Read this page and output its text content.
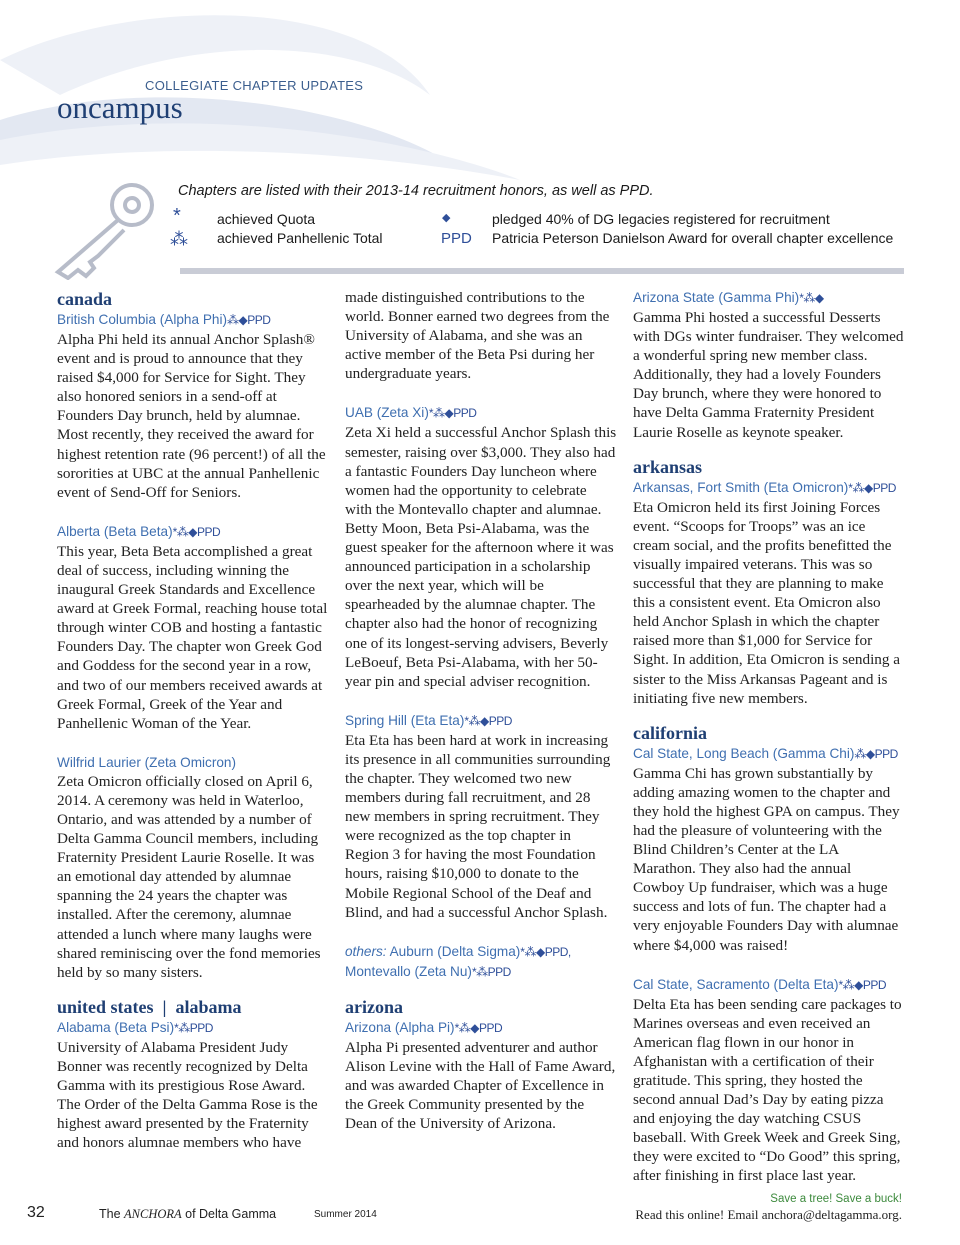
COLLEGIATE CHAPTER UPDATES
oncampus
Chapters are listed with their 2013-14 recruitment honors, as well as PPD.
*	achieved Quota
⁂ achieved Panhellenic Total
◆	pledged 40% of DG legacies registered for recruitment
PPD Patricia Peterson Danielson Award for overall chapter excellence

canada

British Columbia (Alpha Phi)⁂◆PPD

Alpha Phi held its annual Anchor Splash® event and is proud to announce that they raised $4,000 for Service for Sight. They also honored seniors in a send-off at Founders Day brunch, held by alumnae. Most recently, they received the award for highest retention rate (96 percent!) of all the sororities at UBC at the annual Panhellenic event of Send-Off for Seniors.

Alberta (Beta Beta)*⁂◆PPD

This year, Beta Beta accomplished a great deal of success, including winning the inaugural Greek Standards and Excellence award at Greek Formal, reaching house total through winter COB and hosting a fantastic Founders Day. The chapter won Greek God and Goddess for the second year in a row, and two of our members received awards at Greek Formal, Greek of the Year and Panhellenic Woman of the Year.

Wilfrid Laurier (Zeta Omicron)

Zeta Omicron officially closed on April 6, 2014. A ceremony was held in Waterloo, Ontario, and was attended by a number of Delta Gamma Council members, including Fraternity President Laurie Roselle. It was an emotional day attended by alumnae spanning the 24 years the chapter was installed. After the ceremony, alumnae attended a lunch where many laughs were shared reminiscing over the fond memories held by so many sisters.

united states  |  alabama

Alabama (Beta Psi)*⁂PPD

University of Alabama President Judy Bonner was recently recognized by Delta Gamma with its prestigious Rose Award. The Order of the Delta Gamma Rose is the highest award presented by the Fraternity and honors alumnae members who have

made distinguished contributions to the world. Bonner earned two degrees from the University of Alabama, and she was an active member of the Beta Psi during her undergraduate years.

UAB (Zeta Xi)*⁂◆PPD

Zeta Xi held a successful Anchor Splash this semester, raising over $3,000. They also had a fantastic Founders Day luncheon where women had the opportunity to celebrate with the Montevallo chapter and alumnae. Betty Moon, Beta Psi-Alabama, was the guest speaker for the afternoon where it was announced participation in a scholarship over the next year, which will be spearheaded by the alumnae chapter. The chapter also had the honor of recognizing one of its longest-serving advisers, Beverly LeBoeuf, Beta Psi-Alabama, with her 50-year pin and special adviser recognition.

Spring Hill (Eta Eta)*⁂◆PPD

Eta Eta has been hard at work in increasing its presence in all communities surrounding the chapter. They welcomed two new members during fall recruitment, and 28 new members in spring recruitment. They were recognized as the top chapter in Region 3 for having the most Foundation hours, raising $10,000 to donate to the Mobile Regional School of the Deaf and Blind, and had a successful Anchor Splash.

others: Auburn (Delta Sigma)*⁂◆PPD,

Montevallo (Zeta Nu)*⁂PPD

arizona

Arizona (Alpha Pi)*⁂◆PPD

Alpha Pi presented adventurer and author Alison Levine with the Hall of Fame Award, and was awarded Chapter of Excellence in the Greek Community presented by the Dean of the University of Arizona.

Arizona State (Gamma Phi)*⁂◆

Gamma Phi hosted a successful Desserts with DGs winter fundraiser. They welcomed a wonderful spring new member class. Additionally, they had a lovely Founders Day brunch, where they were honored to have Delta Gamma Fraternity President Laurie Roselle as keynote speaker.

arkansas

Arkansas, Fort Smith (Eta Omicron)*⁂◆PPD

Eta Omicron held its first Joining Forces event. “Scoops for Troops” was an ice cream social, and the profits benefitted the visually impaired veterans. This was so successful that they are planning to make this a consistent event. Eta Omicron also held Anchor Splash in which the chapter raised more than $1,000 for Service for Sight. In addition, Eta Omicron is sending a sister to the Miss Arkansas Pageant and is initiating five new members.

california

Cal State, Long Beach (Gamma Chi)⁂◆PPD

Gamma Chi has grown substantially by adding amazing women to the chapter and they hold the highest GPA on campus. They had the pleasure of volunteering with the Blind Children’s Center at the LA Marathon. They also had the annual Cowboy Up fundraiser, which was a huge success and lots of fun. The chapter had a very enjoyable Founders Day with alumnae where $4,000 was raised!

Cal State, Sacramento (Delta Eta)*⁂◆PPD

Delta Eta has been sending care packages to Marines overseas and even received an American flag flown in our honor in Afghanistan with a certification of their gratitude. This spring, they hosted the second annual Dad’s Day by eating pizza and enjoying the day watching CSUS baseball. With Greek Week and Greek Sing, they were excited to “Do Good” this spring, after finishing in first place last year.

32	The ANCHORA of Delta Gamma	Summer 2014
Save a tree! Save a buck!
Read this online! Email anchora@deltagamma.org.
